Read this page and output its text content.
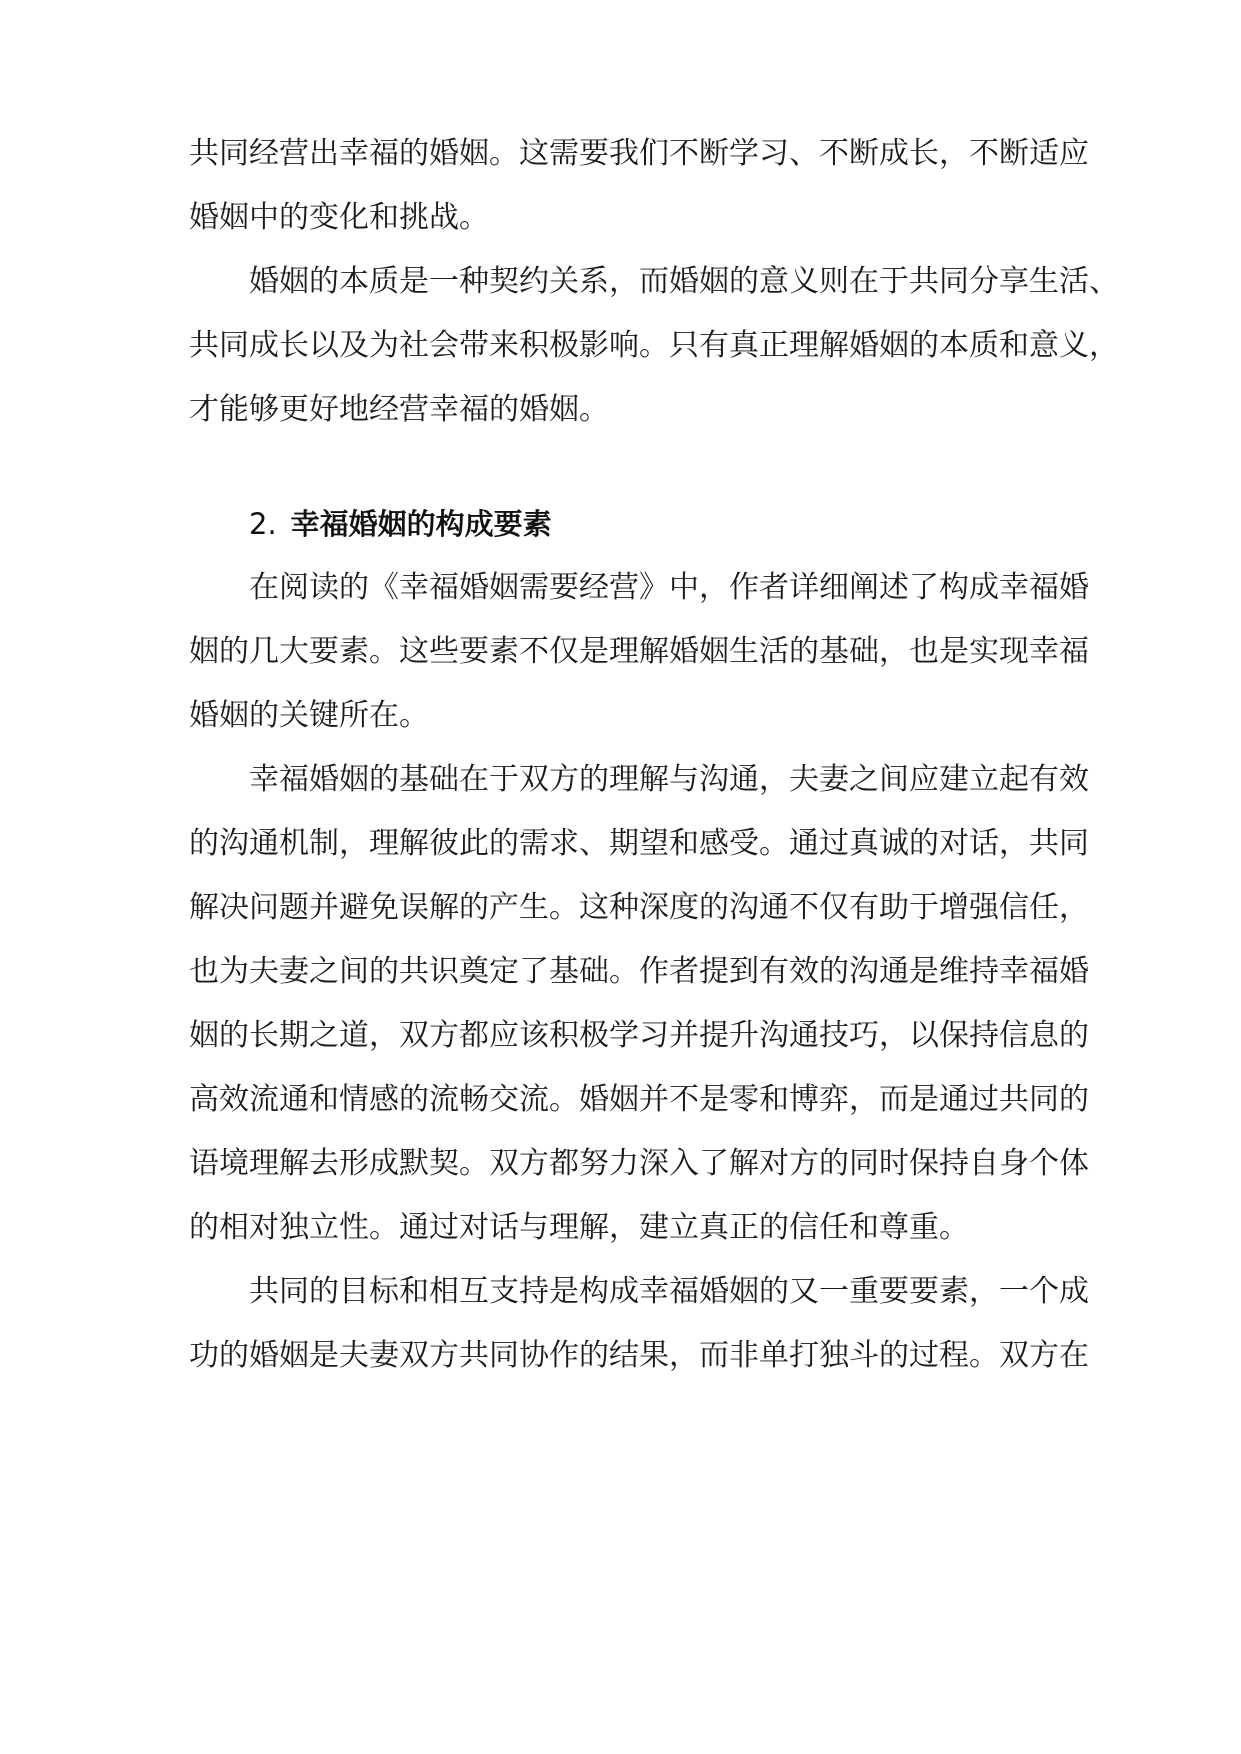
共同经营出幸福的婚姻。这需要我们不断学习、不断成长，不断适应
婚姻中的变化和挑战。
婚姻的本质是一种契约关系，而婚姻的意义则在于共同分享生活、
共同成长以及为社会带来积极影响。只有真正理解婚姻的本质和意义，
才能够更好地经营幸福的婚姻。
2. 幸福婚姻的构成要素
在阅读的《幸福婚姻需要经营》中，作者详细阐述了构成幸福婚
姻的几大要素。这些要素不仅是理解婚姻生活的基础，也是实现幸福
婚姻的关键所在。
幸福婚姻的基础在于双方的理解与沟通，夫妻之间应建立起有效
的沟通机制，理解彼此的需求、期望和感受。通过真诚的对话，共同
解决问题并避免误解的产生。这种深度的沟通不仅有助于增强信任，
也为夫妻之间的共识奠定了基础。作者提到有效的沟通是维持幸福婚
姻的长期之道，双方都应该积极学习并提升沟通技巧，以保持信息的
高效流通和情感的流畅交流。婚姻并不是零和博弈，而是通过共同的
语境理解去形成默契。双方都努力深入了解对方的同时保持自身个体
的相对独立性。通过对话与理解，建立真正的信任和尊重。
共同的目标和相互支持是构成幸福婚姻的又一重要要素，一个成
功的婚姻是夫妻双方共同协作的结果，而非单打独斗的过程。双方在
